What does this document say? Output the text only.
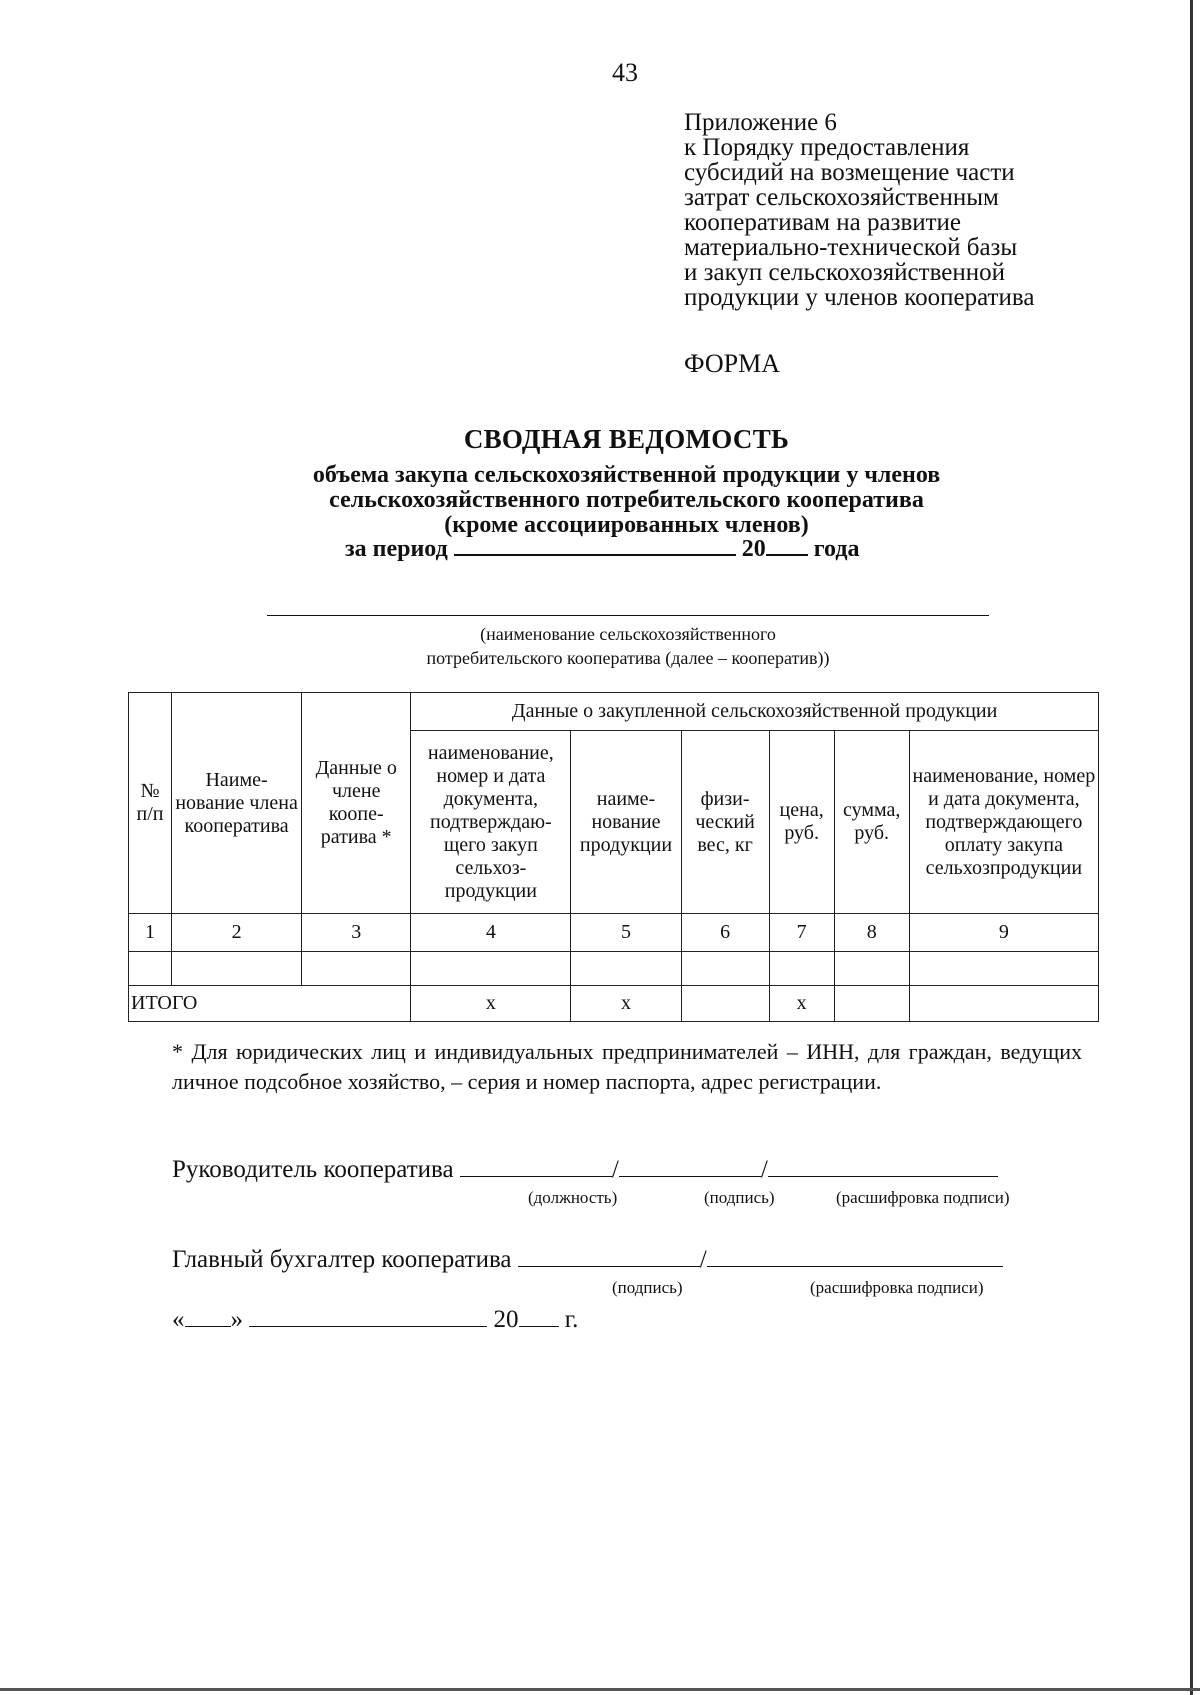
43
Приложение 6
к Порядку предоставления
субсидий на возмещение части
затрат сельскохозяйственным
кооперативам на развитие
материально-технической базы
и закуп сельскохозяйственной
продукции у членов кооператива
ФОРМА
СВОДНАЯ ВЕДОМОСТЬ
объема закупа сельскохозяйственной продукции у членов
сельскохозяйственного потребительского кооператива
(кроме ассоциированных членов)
за период	20 года
(наименование сельскохозяйственного
потребительского кооператива (далее – кооператив))
№ п/п	Наиме-нование члена кооператива	Данные о члене коопе-ратива *	Данные о закупленной сельскохозяйственной продукции					
			наименование, номер и дата документа, подтверждаю-щего закуп сельхоз-продукции	наиме-нование продукции	физи-ческий вес, кг	цена, руб.	сумма, руб.	наименование, номер и дата документа, подтверждающего оплату закупа сельхозпродукции
1	2	3	4	5	6	7	8	9

ИТОГО			х	х		х		
* Для юридических лиц и индивидуальных предпринимателей – ИНН, для граждан, ведущих личное подсобное хозяйство, – серия и номер паспорта, адрес регистрации.
Руководитель кооператива	/	/
(должность)	(подпись)	(расшифровка подписи)
Главный бухгалтер кооператива	/
(подпись)	(расшифровка подписи)
« »	20 г.
